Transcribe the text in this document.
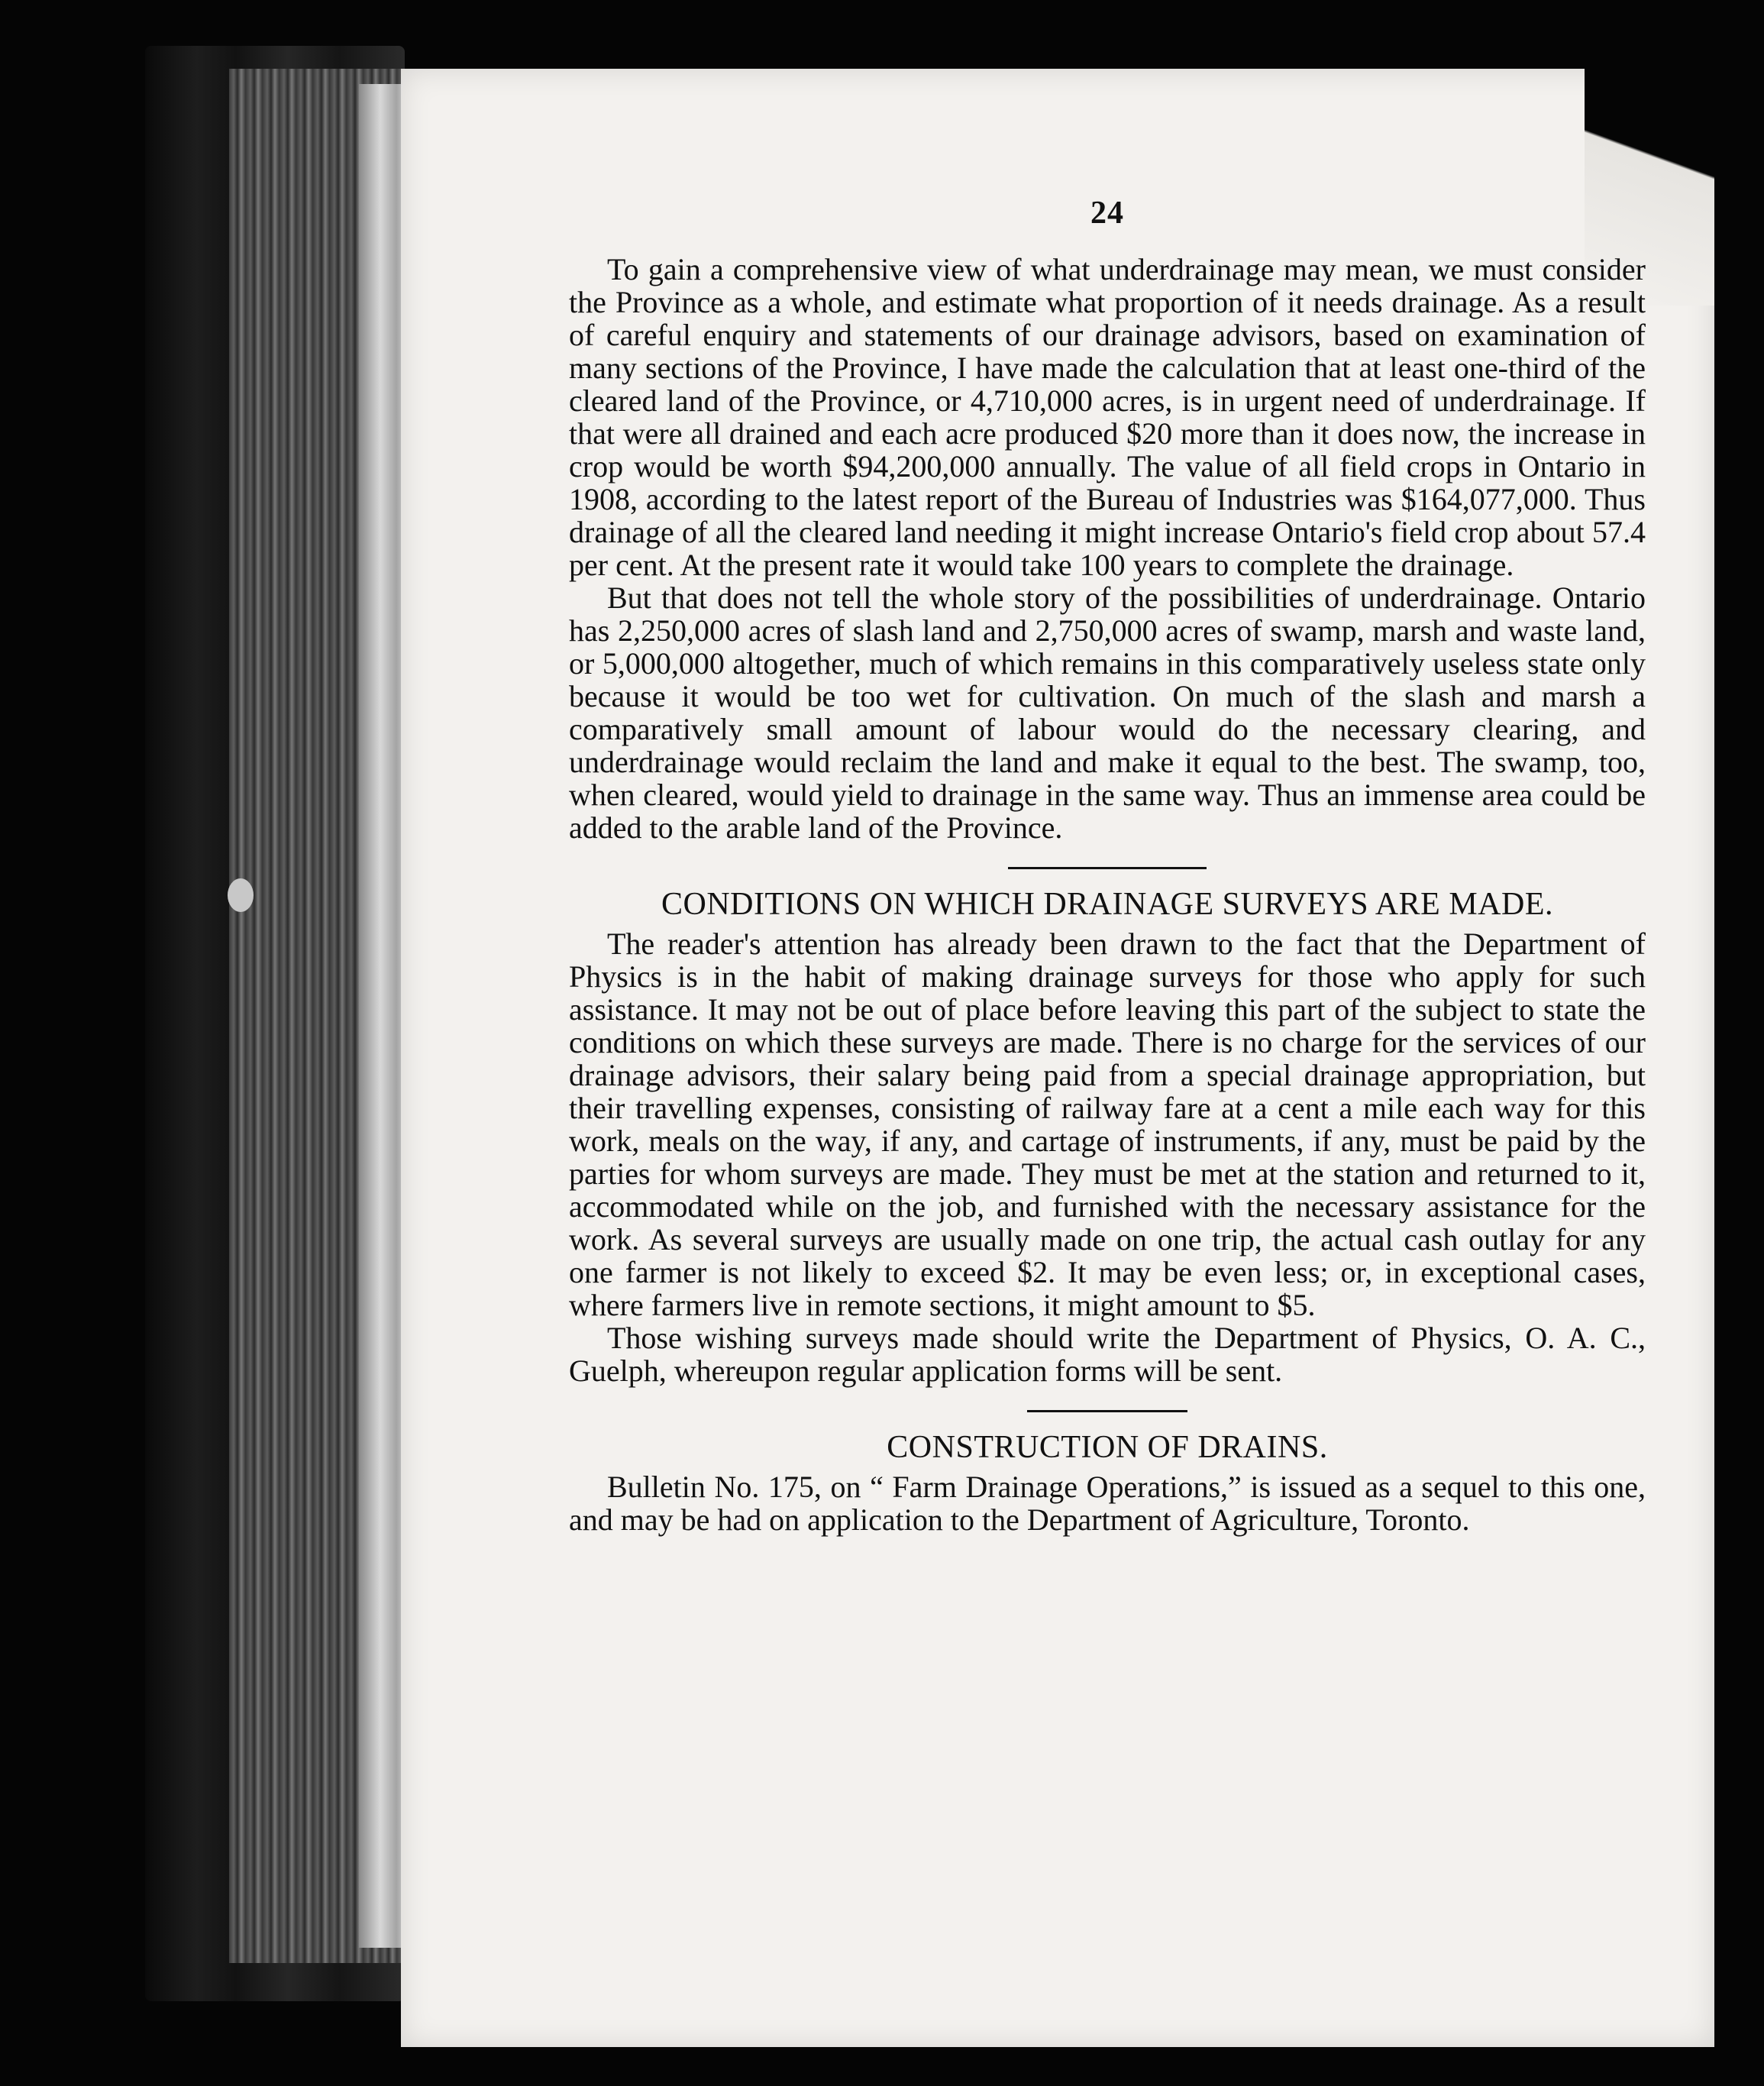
24

To gain a comprehensive view of what underdrainage may mean, we must consider the Province as a whole, and estimate what proportion of it needs drainage. As a result of careful enquiry and statements of our drainage advisors, based on examination of many sections of the Province, I have made the calculation that at least one-third of the cleared land of the Province, or 4,710,000 acres, is in urgent need of underdrainage. If that were all drained and each acre produced $20 more than it does now, the increase in crop would be worth $94,200,000 annually. The value of all field crops in Ontario in 1908, according to the latest report of the Bureau of Industries was $164,077,000. Thus drainage of all the cleared land needing it might increase Ontario's field crop about 57.4 per cent. At the present rate it would take 100 years to complete the drainage.

But that does not tell the whole story of the possibilities of underdrainage. Ontario has 2,250,000 acres of slash land and 2,750,000 acres of swamp, marsh and waste land, or 5,000,000 altogether, much of which remains in this comparatively useless state only because it would be too wet for cultivation. On much of the slash and marsh a comparatively small amount of labour would do the necessary clearing, and underdrainage would reclaim the land and make it equal to the best. The swamp, too, when cleared, would yield to drainage in the same way. Thus an immense area could be added to the arable land of the Province.

CONDITIONS ON WHICH DRAINAGE SURVEYS ARE MADE.

The reader's attention has already been drawn to the fact that the Department of Physics is in the habit of making drainage surveys for those who apply for such assistance. It may not be out of place before leaving this part of the subject to state the conditions on which these surveys are made. There is no charge for the services of our drainage advisors, their salary being paid from a special drainage appropriation, but their travelling expenses, consisting of railway fare at a cent a mile each way for this work, meals on the way, if any, and cartage of instruments, if any, must be paid by the parties for whom surveys are made. They must be met at the station and returned to it, accommodated while on the job, and furnished with the necessary assistance for the work. As several surveys are usually made on one trip, the actual cash outlay for any one farmer is not likely to exceed $2. It may be even less; or, in exceptional cases, where farmers live in remote sections, it might amount to $5.

Those wishing surveys made should write the Department of Physics, O. A. C., Guelph, whereupon regular application forms will be sent.

CONSTRUCTION OF DRAINS.

Bulletin No. 175, on “ Farm Drainage Operations,” is issued as a sequel to this one, and may be had on application to the Department of Agriculture, Toronto.
